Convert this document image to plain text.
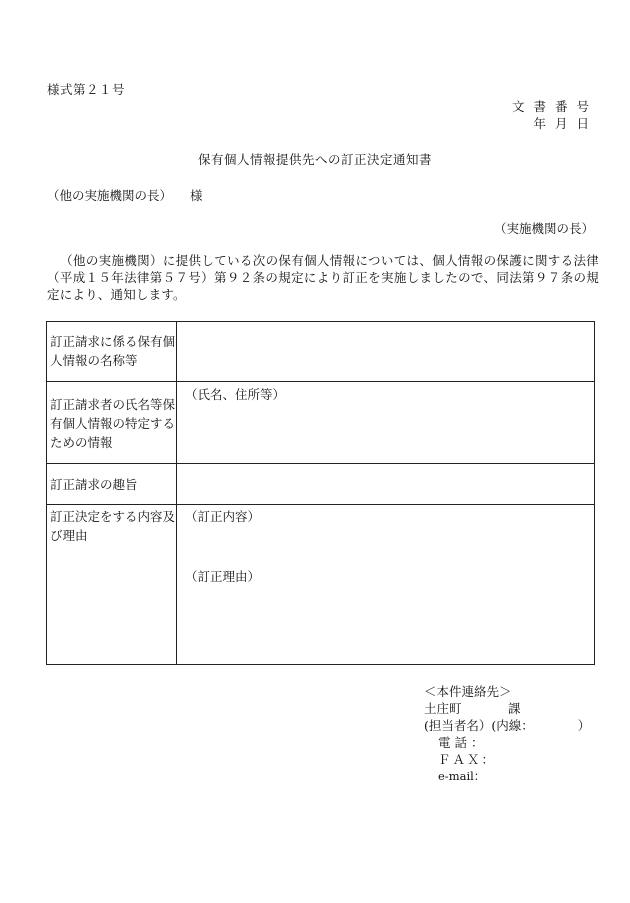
様式第２１号
文書番号
年月日
保有個人情報提供先への訂正決定通知書
（他の実施機関の長） 様
（実施機関の長）
（他の実施機関）に提供している次の保有個人情報については、個人情報の保護に関する法律（平成１５年法律第５７号）第９２条の規定により訂正を実施しましたので、同法第９７条の規定により、通知します。
訂正請求に係る保有個人情報の名称等	
訂正請求者の氏名等保有個人情報の特定するための情報	（氏名、住所等）
訂正請求の趣旨	
訂正決定をする内容及び理由	（訂正内容）
（訂正理由）
＜本件連絡先＞
土庄町	課
(担当者名）(内線：	）
電話：
ＦＡＸ：
e-mail：
